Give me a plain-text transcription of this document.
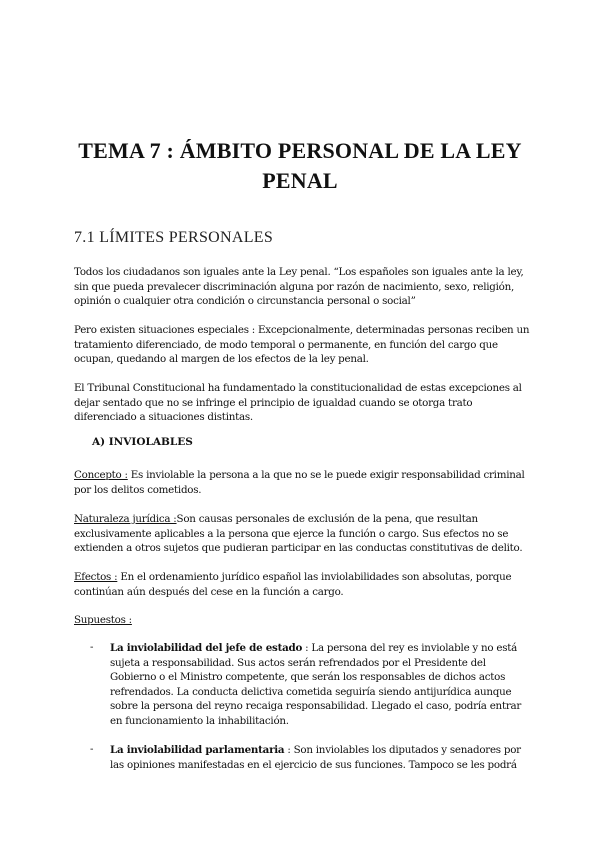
TEMA 7 : ÁMBITO PERSONAL DE LA LEY PENAL
7.1 LÍMITES PERSONALES
Todos los ciudadanos son iguales ante la Ley penal. “Los españoles son iguales ante la ley, sin que pueda prevalecer discriminación alguna por razón de nacimiento, sexo, religión, opinión o cualquier otra condición o circunstancia personal o social”
Pero existen situaciones especiales : Excepcionalmente, determinadas personas reciben un tratamiento diferenciado, de modo temporal o permanente, en función del cargo que ocupan, quedando al margen de los efectos de la ley penal.
El Tribunal Constitucional ha fundamentado la constitucionalidad de estas excepciones al dejar sentado que no se infringe el principio de igualdad cuando se otorga trato diferenciado a situaciones distintas.
A) INVIOLABLES
Concepto : Es inviolable la persona a la que no se le puede exigir responsabilidad criminal por los delitos cometidos.
Naturaleza jurídica :Son causas personales de exclusión de la pena, que resultan exclusivamente aplicables a la persona que ejerce la función o cargo. Sus efectos no se extienden a otros sujetos que pudieran participar en las conductas constitutivas de delito.
Efectos : En el ordenamiento jurídico español las inviolabilidades son absolutas, porque continúan aún después del cese en la función a cargo.
Supuestos :
- La inviolabilidad del jefe de estado : La persona del rey es inviolable y no está sujeta a responsabilidad. Sus actos serán refrendados por el Presidente del Gobierno o el Ministro competente, que serán los responsables de dichos actos refrendados. La conducta delictiva cometida seguiría siendo antijurídica aunque sobre la persona del reyno recaiga responsabilidad. Llegado el caso, podría entrar en funcionamiento la inhabilitación.
- La inviolabilidad parlamentaria : Son inviolables los diputados y senadores por las opiniones manifestadas en el ejercicio de sus funciones. Tampoco se les podrá
